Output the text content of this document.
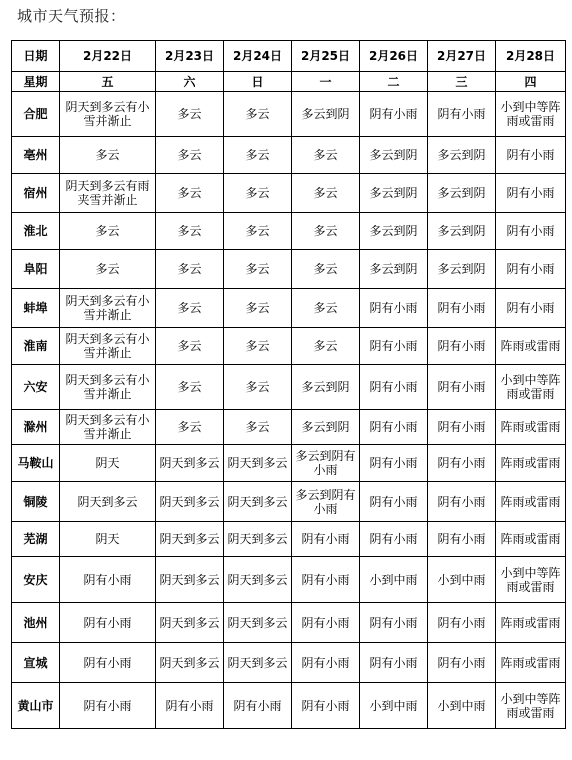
城市天气预报：
日期	2月22日	2月23日	2月24日	2月25日	2月26日	2月27日	2月28日
星期	五	六	日	一	二	三	四

合肥	阴天到多云有小雪并渐止	多云	多云	多云到阴	阴有小雨	阴有小雨	小到中等阵雨或雷雨

亳州	多云	多云	多云	多云	多云到阴	多云到阴	阴有小雨

宿州	阴天到多云有雨夹雪并渐止	多云	多云	多云	多云到阴	多云到阴	阴有小雨

淮北	多云	多云	多云	多云	多云到阴	多云到阴	阴有小雨

阜阳	多云	多云	多云	多云	多云到阴	多云到阴	阴有小雨

蚌埠	阴天到多云有小雪并渐止	多云	多云	多云	阴有小雨	阴有小雨	阴有小雨

淮南	阴天到多云有小雪并渐止	多云	多云	多云	阴有小雨	阴有小雨	阵雨或雷雨

六安	阴天到多云有小雪并渐止	多云	多云	多云到阴	阴有小雨	阴有小雨	小到中等阵雨或雷雨

滁州	阴天到多云有小雪并渐止	多云	多云	多云到阴	阴有小雨	阴有小雨	阵雨或雷雨

马鞍山	阴天	阴天到多云	阴天到多云	多云到阴有小雨	阴有小雨	阴有小雨	阵雨或雷雨

铜陵	阴天到多云	阴天到多云	阴天到多云	多云到阴有小雨	阴有小雨	阴有小雨	阵雨或雷雨

芜湖	阴天	阴天到多云	阴天到多云	阴有小雨	阴有小雨	阴有小雨	阵雨或雷雨

安庆	阴有小雨	阴天到多云	阴天到多云	阴有小雨	小到中雨	小到中雨	小到中等阵雨或雷雨

池州	阴有小雨	阴天到多云	阴天到多云	阴有小雨	阴有小雨	阴有小雨	阵雨或雷雨

宣城	阴有小雨	阴天到多云	阴天到多云	阴有小雨	阴有小雨	阴有小雨	阵雨或雷雨

黄山市	阴有小雨	阴有小雨	阴有小雨	阴有小雨	小到中雨	小到中雨	小到中等阵雨或雷雨
